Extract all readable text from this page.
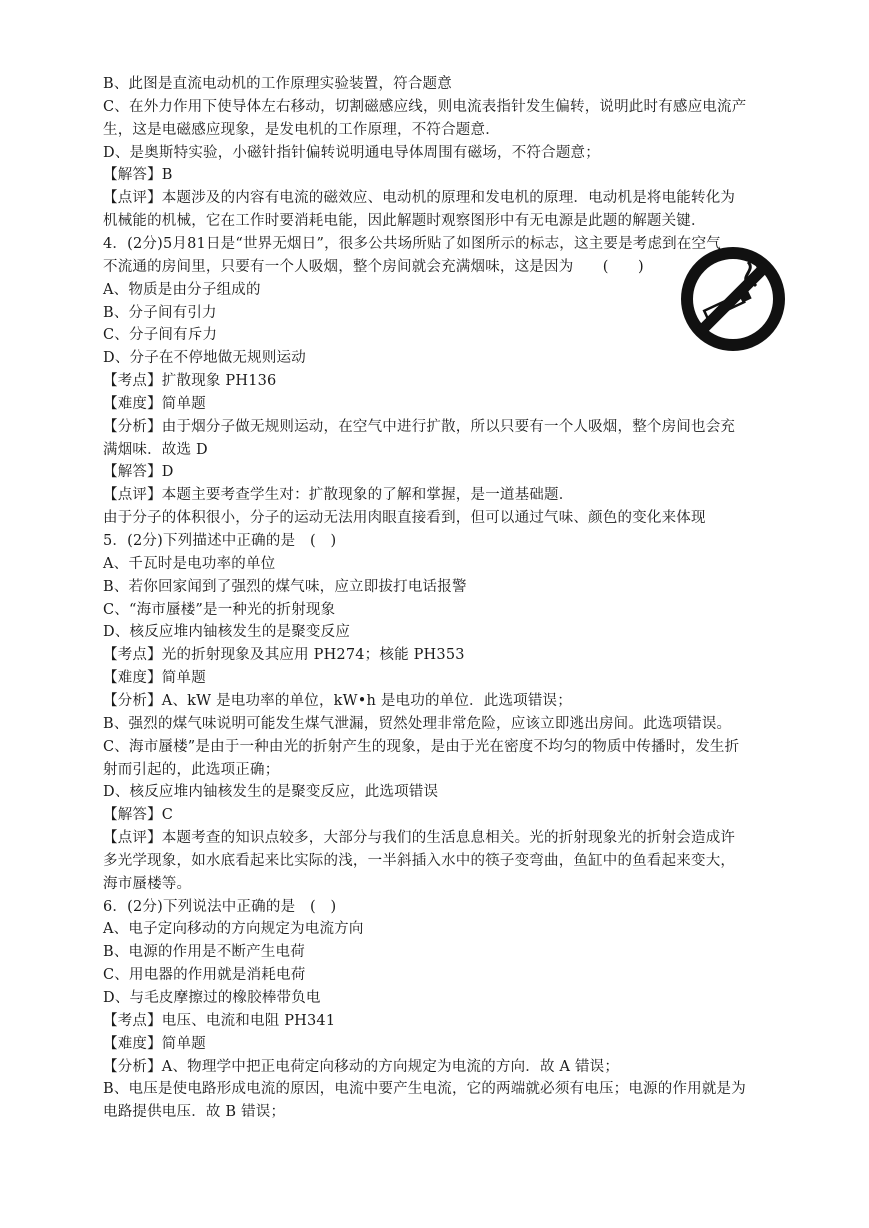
B、此图是直流电动机的工作原理实验装置，符合题意
C、在外力作用下使导体左右移动，切割磁感应线，则电流表指针发生偏转，说明此时有感应电流产
生，这是电磁感应现象，是发电机的工作原理，不符合题意．
D、是奥斯特实验，小磁针指针偏转说明通电导体周围有磁场，不符合题意；
【解答】B
【点评】本题涉及的内容有电流的磁效应、电动机的原理和发电机的原理．电动机是将电能转化为
机械能的机械，它在工作时要消耗电能，因此解题时观察图形中有无电源是此题的解题关键．
4．(2分)5月81日是“世界无烟日”，很多公共场所贴了如图所示的标志，这主要是考虑到在空气
不流通的房间里，只要有一个人吸烟，整个房间就会充满烟味，这是因为　　(　　)
A、物质是由分子组成的
B、分子间有引力
C、分子间有斥力
D、分子在不停地做无规则运动
【考点】扩散现象 PH136
【难度】简单题
【分析】由于烟分子做无规则运动，在空气中进行扩散，所以只要有一个人吸烟，整个房间也会充
满烟味．故选 D
【解答】D
【点评】本题主要考查学生对：扩散现象的了解和掌握，是一道基础题．
由于分子的体积很小，分子的运动无法用肉眼直接看到，但可以通过气味、颜色的变化来体现
5．(2分)下列描述中正确的是　(　)
A、千瓦时是电功率的单位
B、若你回家闻到了强烈的煤气味，应立即拔打电话报警
C、“海市蜃楼”是一种光的折射现象
D、核反应堆内铀核发生的是聚变反应
【考点】光的折射现象及其应用 PH274；核能 PH353
【难度】简单题
【分析】A、kW 是电功率的单位，kW•h 是电功的单位．此选项错误；
B、强烈的煤气味说明可能发生煤气泄漏，贸然处理非常危险，应该立即逃出房间。此选项错误。
C、海市蜃楼”是由于一种由光的折射产生的现象，是由于光在密度不均匀的物质中传播时，发生折
射而引起的，此选项正确；
D、核反应堆内铀核发生的是聚变反应，此选项错误
【解答】C
【点评】本题考查的知识点较多，大部分与我们的生活息息相关。光的折射现象光的折射会造成许
多光学现象，如水底看起来比实际的浅，一半斜插入水中的筷子变弯曲，鱼缸中的鱼看起来变大，
海市蜃楼等。
6．(2分)下列说法中正确的是　(　)
A、电子定向移动的方向规定为电流方向
B、电源的作用是不断产生电荷
C、用电器的作用就是消耗电荷
D、与毛皮摩擦过的橡胶棒带负电
【考点】电压、电流和电阻 PH341
【难度】简单题
【分析】A、物理学中把正电荷定向移动的方向规定为电流的方向．故 A 错误；
B、电压是使电路形成电流的原因，电流中要产生电流，它的两端就必须有电压；电源的作用就是为
电路提供电压．故 B 错误；
